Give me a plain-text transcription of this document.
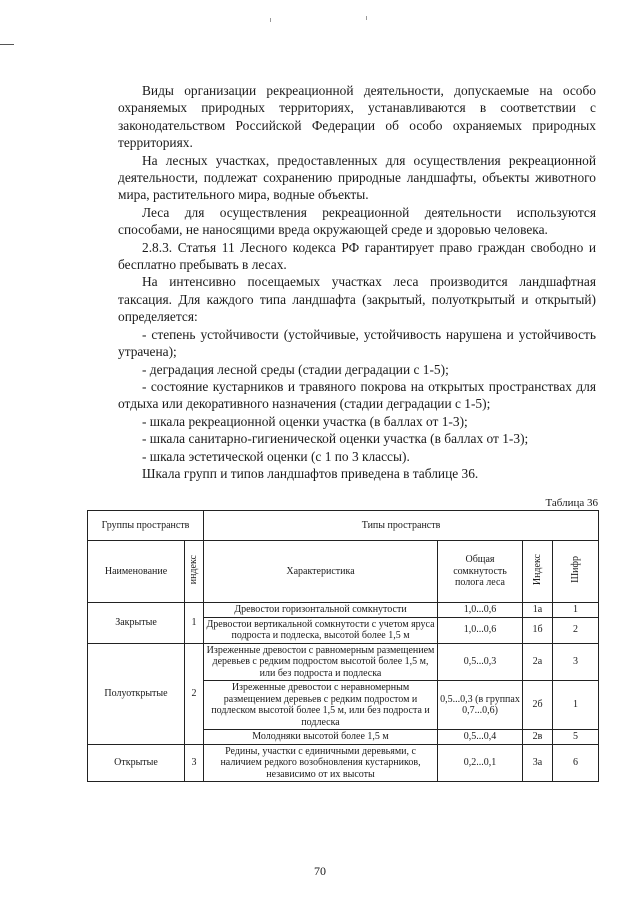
Виды организации рекреационной деятельности, допускаемые на особо охраняемых природных территориях, устанавливаются в соответствии с законодательством Российской Федерации об особо охраняемых природных территориях.

На лесных участках, предоставленных для осуществления рекреационной деятельности, подлежат сохранению природные ландшафты, объекты животного мира, растительного мира, водные объекты.

Леса для осуществления рекреационной деятельности используются способами, не наносящими вреда окружающей среде и здоровью человека.

2.8.3. Статья 11 Лесного кодекса РФ гарантирует право граждан свободно и бесплатно пребывать в лесах.

На интенсивно посещаемых участках леса производится ландшафтная таксация. Для каждого типа ландшафта (закрытый, полуоткрытый и открытый) определяется:

- степень устойчивости (устойчивые, устойчивость нарушена и устойчивость утрачена);

- деградация лесной среды (стадии деградации с 1-5);

- состояние кустарников и травяного покрова на открытых пространствах для отдыха или декоративного назначения (стадии деградации с 1-5);

- шкала рекреационной оценки участка (в баллах от 1-3);

- шкала санитарно-гигиенической оценки участка (в баллах от 1-3);

- шкала эстетической оценки (с 1 по 3 классы).

Шкала групп и типов ландшафтов приведена в таблице 36.

Таблица 36
Группы пространств		Типы пространств			
Наименование	индекс	Характеристика	Общая сомкнутость полога леса	Индекс	Шифр
Закрытые	1	Древостои горизонтальной сомкнутости	1,0...0,6	1а	1
		Древостои вертикальной сомкнутости с учетом яруса подроста и подлеска, высотой более 1,5 м	1,0...0,6	1б	2
Полуоткрытые	2	Изреженные древостои с равномерным размещением деревьев с редким подростом высотой более 1,5 м, или без подроста и подлеска	0,5...0,3	2а	3
		Изреженные древостои с неравномерным размещением деревьев с редким подростом и подлеском высотой более 1,5 м, или без подроста и подлеска	0,5...0,3 (в группах 0,7...0,6)	2б	1
		Молодняки высотой более 1,5 м	0,5...0,4	2в	5
Открытые	3	Редины, участки с единичными деревьями, с наличием редкого возобновления кустарников, независимо от их высоты	0,2...0,1	3а	6
70
